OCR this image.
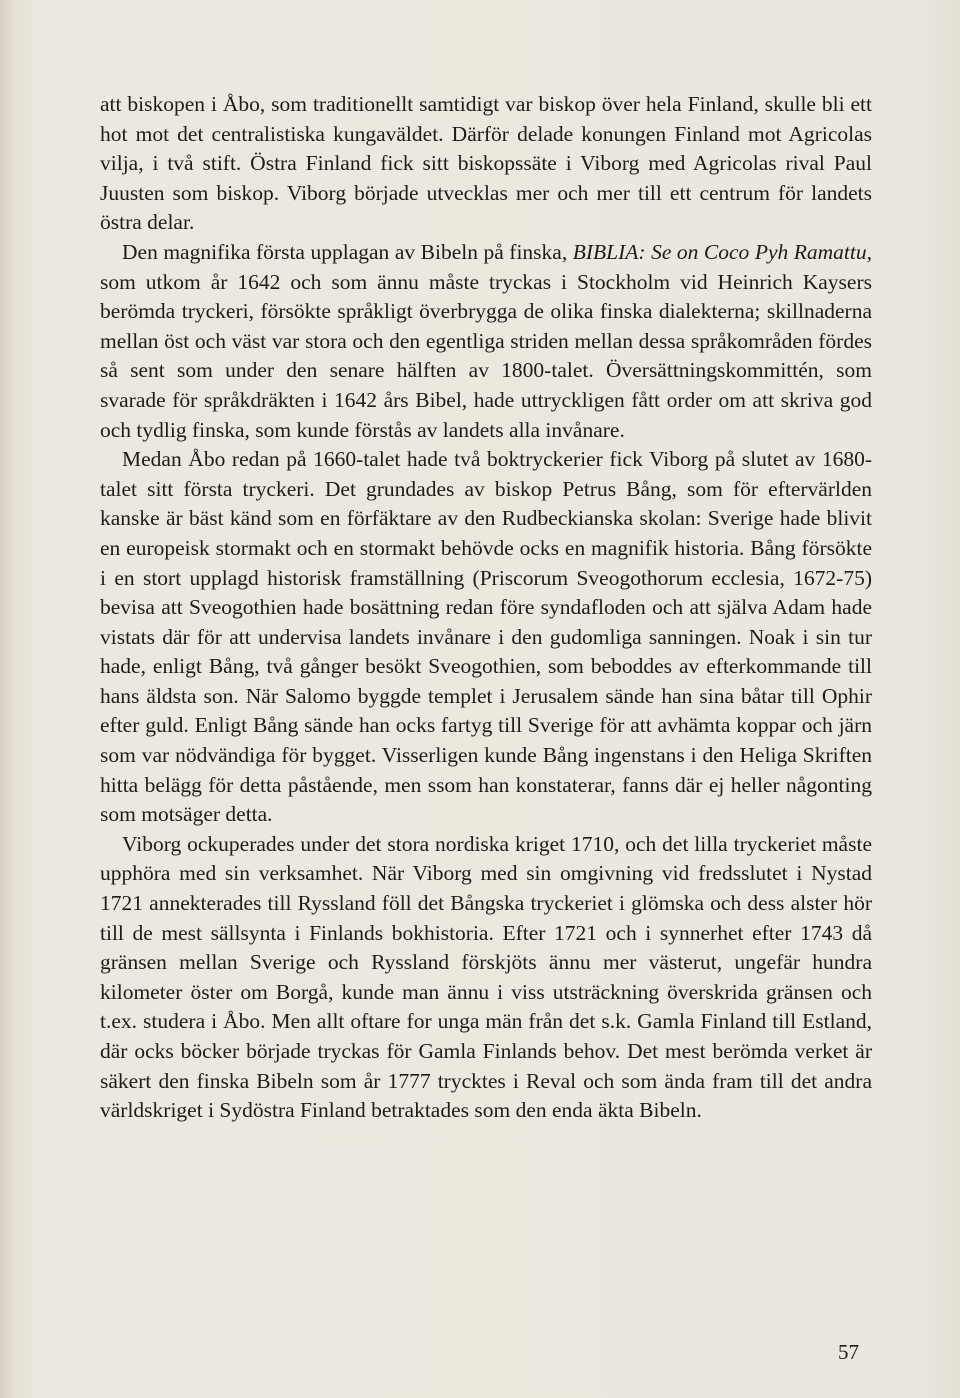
att biskopen i Åbo, som traditionellt samtidigt var biskop över hela Finland, skulle bli ett hot mot det centralistiska kungaväldet. Därför delade konungen Finland mot Agricolas vilja, i två stift. Östra Finland fick sitt biskopssäte i Viborg med Agricolas rival Paul Juusten som biskop. Viborg började utvecklas mer och mer till ett centrum för landets östra delar.

Den magnifika första upplagan av Bibeln på finska, BIBLIA: Se on Coco Pyh Ramattu, som utkom år 1642 och som ännu måste tryckas i Stockholm vid Heinrich Kaysers berömda tryckeri, försökte språkligt överbrygga de olika finska dialekterna; skillnaderna mellan öst och väst var stora och den egentliga striden mellan dessa språkområden fördes så sent som under den senare hälften av 1800-talet. Översättningskommittén, som svarade för språkdräkten i 1642 års Bibel, hade uttryckligen fått order om att skriva god och tydlig finska, som kunde förstås av landets alla invånare.

Medan Åbo redan på 1660-talet hade två boktryckerier fick Viborg på slutet av 1680-talet sitt första tryckeri. Det grundades av biskop Petrus Bång, som för eftervärlden kanske är bäst känd som en förfäktare av den Rudbeckianska skolan: Sverige hade blivit en europeisk stormakt och en stormakt behövde ocks en magnifik historia. Bång försökte i en stort upplagd historisk framställning (Priscorum Sveogothorum ecclesia, 1672-75) bevisa att Sveogothien hade bosättning redan före syndafloden och att själva Adam hade vistats där för att undervisa landets invånare i den gudomliga sanningen. Noak i sin tur hade, enligt Bång, två gånger besökt Sveogothien, som beboddes av efterkommande till hans äldsta son. När Salomo byggde templet i Jerusalem sände han sina båtar till Ophir efter guld. Enligt Bång sände han ocks fartyg till Sverige för att avhämta koppar och järn som var nödvändiga för bygget. Visserligen kunde Bång ingenstans i den Heliga Skriften hitta belägg för detta påstående, men ssom han konstaterar, fanns där ej heller någonting som motsäger detta.

Viborg ockuperades under det stora nordiska kriget 1710, och det lilla tryckeriet måste upphöra med sin verksamhet. När Viborg med sin omgivning vid fredsslutet i Nystad 1721 annekterades till Ryssland föll det Bångska tryckeriet i glömska och dess alster hör till de mest sällsynta i Finlands bokhistoria. Efter 1721 och i synnerhet efter 1743 då gränsen mellan Sverige och Ryssland förskjöts ännu mer västerut, ungefär hundra kilometer öster om Borgå, kunde man ännu i viss utsträckning överskrida gränsen och t.ex. studera i Åbo. Men allt oftare for unga män från det s.k. Gamla Finland till Estland, där ocks böcker började tryckas för Gamla Finlands behov. Det mest berömda verket är säkert den finska Bibeln som år 1777 trycktes i Reval och som ända fram till det andra världskriget i Sydöstra Finland betraktades som den enda äkta Bibeln.

57
